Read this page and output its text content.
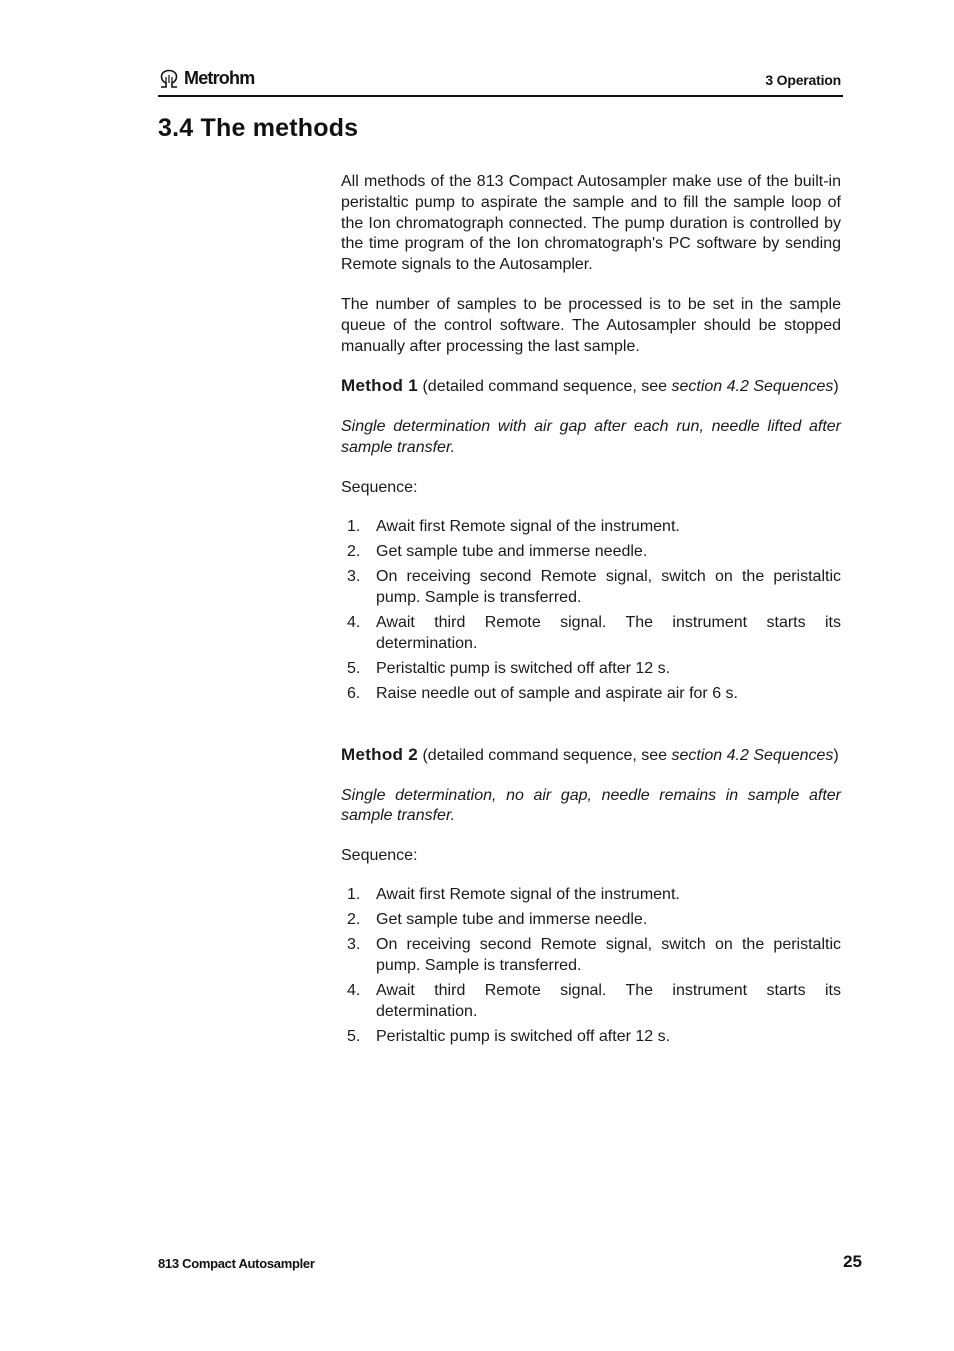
Metrohm	3 Operation
3.4 The methods

All methods of the 813 Compact Autosampler make use of the built-in peristaltic pump to aspirate the sample and to fill the sample loop of the Ion chromatograph connected. The pump duration is controlled by the time program of the Ion chromatograph's PC software by sending Remote signals to the Autosampler.

The number of samples to be processed is to be set in the sample queue of the control software. The Autosampler should be stopped manually after processing the last sample.

Method 1 (detailed command sequence, see section 4.2 Sequences)

Single determination with air gap after each run, needle lifted after sample transfer.

Sequence:

1. Await first Remote signal of the instrument.
2. Get sample tube and immerse needle.
3. On receiving second Remote signal, switch on the peristaltic pump. Sample is transferred.
4. Await third Remote signal. The instrument starts its determination.
5. Peristaltic pump is switched off after 12 s.
6. Raise needle out of sample and aspirate air for 6 s.

Method 2 (detailed command sequence, see section 4.2 Sequences)

Single determination, no air gap, needle remains in sample after sample transfer.

Sequence:

1. Await first Remote signal of the instrument.
2. Get sample tube and immerse needle.
3. On receiving second Remote signal, switch on the peristaltic pump. Sample is transferred.
4. Await third Remote signal. The instrument starts its determination.
5. Peristaltic pump is switched off after 12 s.
813 Compact Autosampler	25
